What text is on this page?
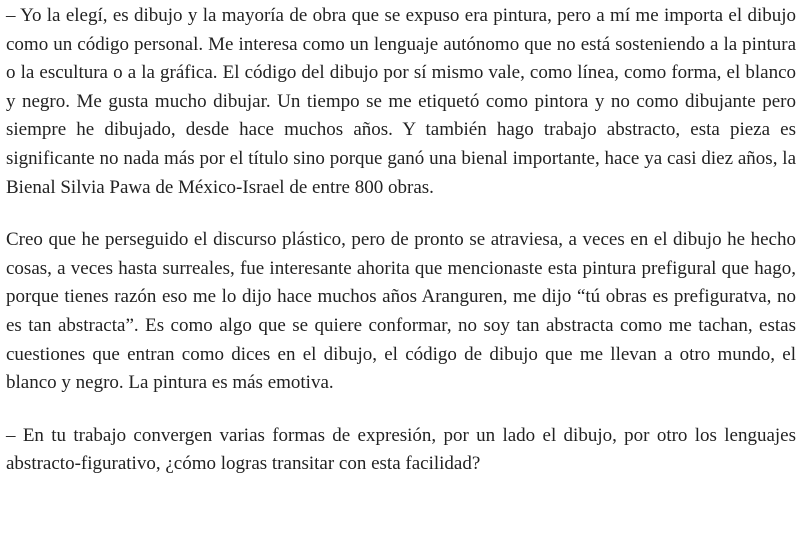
– Yo la elegí, es dibujo y la mayoría de obra que se expuso era pintura, pero a mí me importa el dibujo como un código personal. Me interesa como un lenguaje autónomo que no está sosteniendo a la pintura o la escultura o a la gráfica. El código del dibujo por sí mismo vale, como línea, como forma, el blanco y negro. Me gusta mucho dibujar. Un tiempo se me etiquetó como pintora y no como dibujante pero siempre he dibujado, desde hace muchos años. Y también hago trabajo abstracto, esta pieza es significante no nada más por el título sino porque ganó una bienal importante, hace ya casi diez años, la Bienal Silvia Pawa de México-Israel de entre 800 obras.

Creo que he perseguido el discurso plástico, pero de pronto se atraviesa, a veces en el dibujo he hecho cosas, a veces hasta surreales, fue interesante ahorita que mencionaste esta pintura prefigural que hago, porque tienes razón eso me lo dijo hace muchos años Aranguren, me dijo “tú obras es prefiguratva, no es tan abstracta”. Es como algo que se quiere conformar, no soy tan abstracta como me tachan, estas cuestiones que entran como dices en el dibujo, el código de dibujo que me llevan a otro mundo, el blanco y negro. La pintura es más emotiva.

– En tu trabajo convergen varias formas de expresión, por un lado el dibujo, por otro los lenguajes abstracto-figurativo, ¿cómo logras transitar con esta facilidad?
